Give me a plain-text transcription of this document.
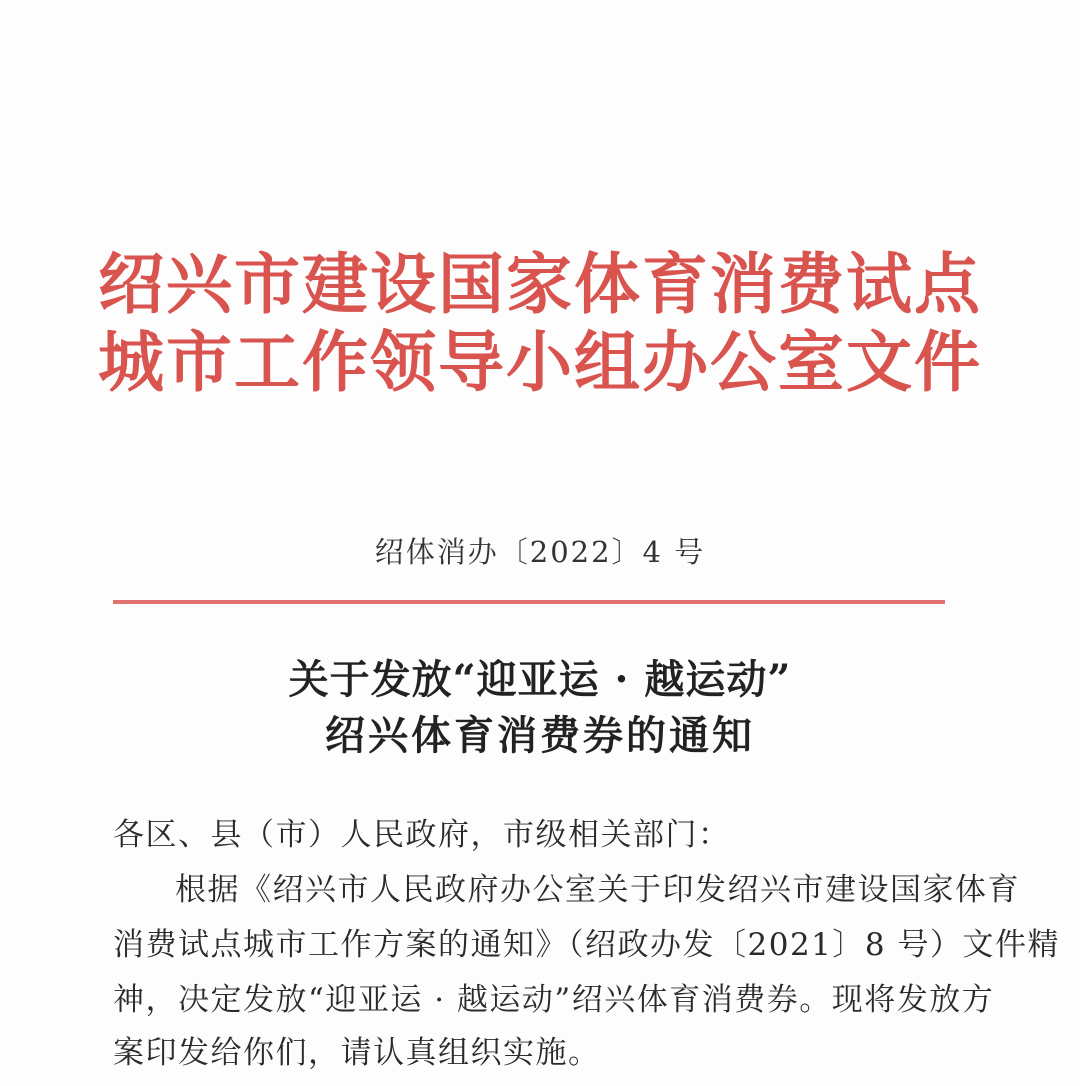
绍兴市建设国家体育消费试点
城市工作领导小组办公室文件
绍体消办〔2022〕4 号
关于发放“迎亚运 · 越运动”
绍兴体育消费券的通知
各区、县（市）人民政府，市级相关部门：
根据《绍兴市人民政府办公室关于印发绍兴市建设国家体育
消费试点城市工作方案的通知》（绍政办发〔2021〕8 号）文件精
神，决定发放“迎亚运 · 越运动”绍兴体育消费券。现将发放方
案印发给你们，请认真组织实施。
